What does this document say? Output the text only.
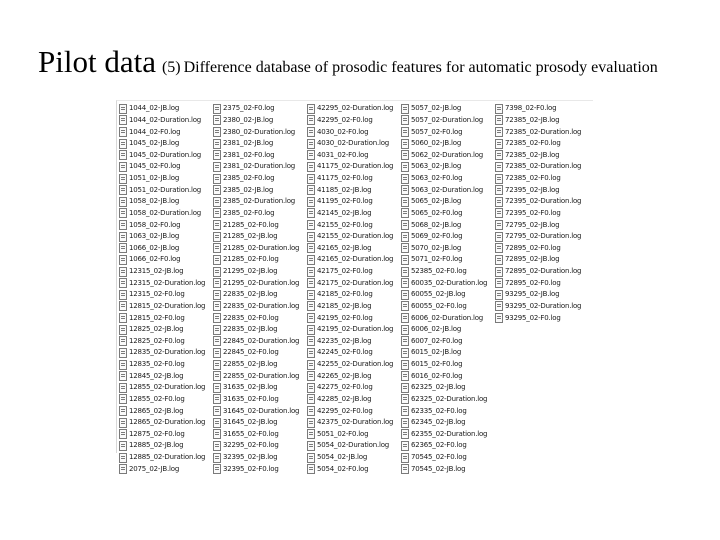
Pilot data (5) Difference database of prosodic features for automatic prosody evaluation
1044_02-JB.log
1044_02-Duration.log
1044_02-F0.log
1045_02-JB.log
1045_02-Duration.log
1045_02-F0.log
1051_02-JB.log
1051_02-Duration.log
1058_02-JB.log
1058_02-Duration.log
1058_02-F0.log
1063_02-JB.log
1066_02-JB.log
1066_02-F0.log
12315_02-JB.log
12315_02-Duration.log
12315_02-F0.log
12815_02-Duration.log
12815_02-F0.log
12825_02-JB.log
12825_02-F0.log
12835_02-Duration.log
12835_02-F0.log
12845_02-JB.log
12855_02-Duration.log
12855_02-F0.log
12865_02-JB.log
12865_02-Duration.log
12875_02-F0.log
12885_02-JB.log
12885_02-Duration.log
2075_02-JB.log
2375_02-F0.log
2380_02-JB.log
2380_02-Duration.log
2381_02-JB.log
2381_02-F0.log
2381_02-Duration.log
2385_02-F0.log
2385_02-JB.log
2385_02-Duration.log
2385_02-F0.log
21285_02-F0.log
21285_02-JB.log
21285_02-Duration.log
21285_02-F0.log
21295_02-JB.log
21295_02-Duration.log
22835_02-JB.log
22835_02-Duration.log
22835_02-F0.log
22835_02-JB.log
22845_02-Duration.log
22845_02-F0.log
22855_02-JB.log
22855_02-Duration.log
31635_02-JB.log
31635_02-F0.log
31645_02-Duration.log
31645_02-JB.log
31655_02-F0.log
32295_02-F0.log
32395_02-JB.log
32395_02-F0.log
42295_02-Duration.log
42295_02-F0.log
4030_02-F0.log
4030_02-Duration.log
4031_02-F0.log
41175_02-Duration.log
41175_02-F0.log
41185_02-JB.log
41195_02-F0.log
42145_02-JB.log
42155_02-F0.log
42155_02-Duration.log
42165_02-JB.log
42165_02-Duration.log
42175_02-F0.log
42175_02-Duration.log
42185_02-F0.log
42185_02-JB.log
42195_02-F0.log
42195_02-Duration.log
42235_02-JB.log
42245_02-F0.log
42255_02-Duration.log
42265_02-JB.log
42275_02-F0.log
42285_02-JB.log
42295_02-F0.log
42375_02-Duration.log
5051_02-F0.log
5054_02-Duration.log
5054_02-JB.log
5054_02-F0.log
5057_02-JB.log
5057_02-Duration.log
5057_02-F0.log
5060_02-JB.log
5062_02-Duration.log
5063_02-JB.log
5063_02-F0.log
5063_02-Duration.log
5065_02-JB.log
5065_02-F0.log
5068_02-JB.log
5069_02-F0.log
5070_02-JB.log
5071_02-F0.log
52385_02-F0.log
60035_02-Duration.log
60055_02-JB.log
60055_02-F0.log
6006_02-Duration.log
6006_02-JB.log
6007_02-F0.log
6015_02-JB.log
6015_02-F0.log
6016_02-F0.log
62325_02-JB.log
62325_02-Duration.log
62335_02-F0.log
62345_02-JB.log
62355_02-Duration.log
62365_02-F0.log
70545_02-F0.log
70545_02-JB.log
7398_02-F0.log
72385_02-JB.log
72385_02-Duration.log
72385_02-F0.log
72385_02-JB.log
72385_02-Duration.log
72385_02-F0.log
72395_02-JB.log
72395_02-Duration.log
72395_02-F0.log
72795_02-JB.log
72795_02-Duration.log
72895_02-F0.log
72895_02-JB.log
72895_02-Duration.log
72895_02-F0.log
93295_02-JB.log
93295_02-Duration.log
93295_02-F0.log
